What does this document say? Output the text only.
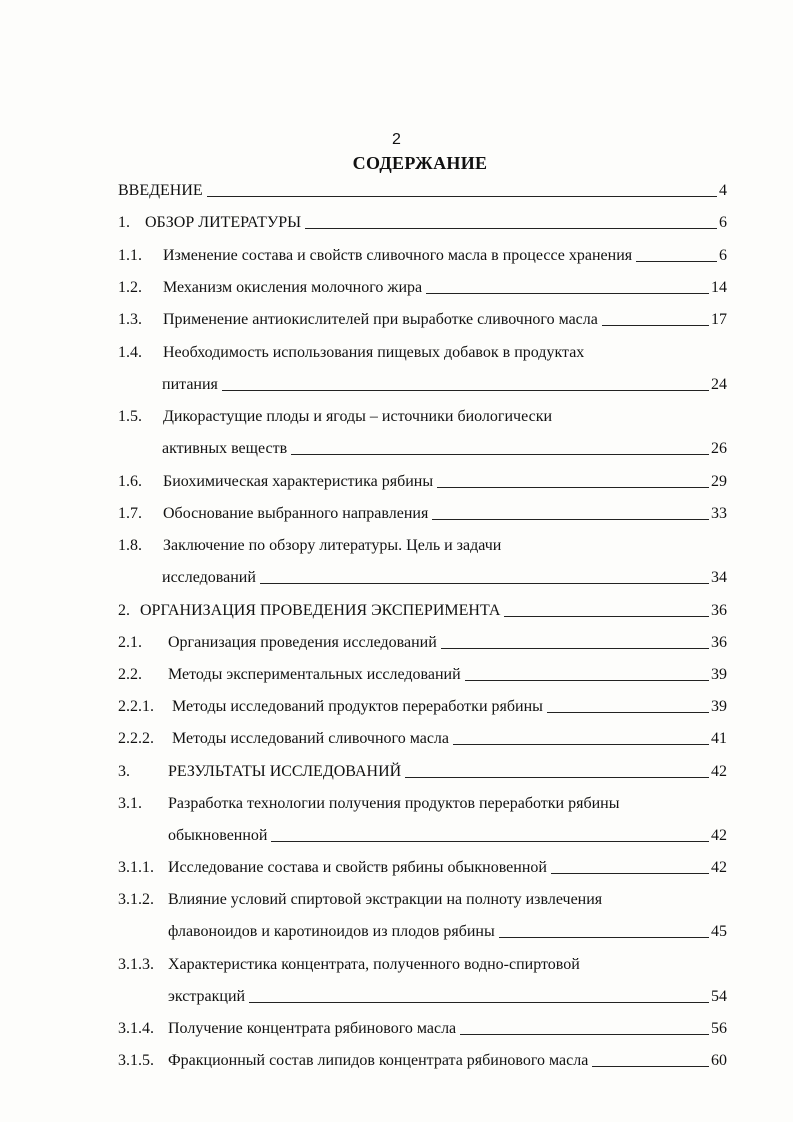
2
СОДЕРЖАНИЕ
ВВЕДЕНИЕ	4
1. ОБЗОР ЛИТЕРАТУРЫ	6
1.1.	Изменение состава и свойств сливочного масла в процессе хранения	6
1.2.	Механизм окисления молочного жира	14
1.3.	Применение антиокислителей при выработке сливочного масла	17
1.4.	Необходимость использования пищевых добавок в продуктах
питания	24
1.5.	Дикорастущие плоды и ягоды – источники биологически
активных веществ	26
1.6.	Биохимическая характеристика рябины	29
1.7.	Обоснование выбранного направления	33
1.8.	Заключение по обзору литературы. Цель и задачи
исследований	34
2. ОРГАНИЗАЦИЯ ПРОВЕДЕНИЯ ЭКСПЕРИМЕНТА	36
2.1.	Организация проведения исследований	36
2.2.	Методы экспериментальных исследований	39
2.2.1.	Методы исследований продуктов переработки рябины	39
2.2.2.	Методы исследований сливочного масла	41
3.	РЕЗУЛЬТАТЫ ИССЛЕДОВАНИЙ	42
3.1.	Разработка технологии получения продуктов переработки рябины
обыкновенной	42
3.1.1. Исследование состава и свойств рябины обыкновенной	42
3.1.2. Влияние условий спиртовой экстракции на полноту извлечения
флавоноидов и каротиноидов из плодов рябины	45
3.1.3. Характеристика концентрата, полученного водно-спиртовой
экстракций	54
3.1.4. Получение концентрата рябинового масла	56
3.1.5. Фракционный состав липидов концентрата рябинового масла	60
